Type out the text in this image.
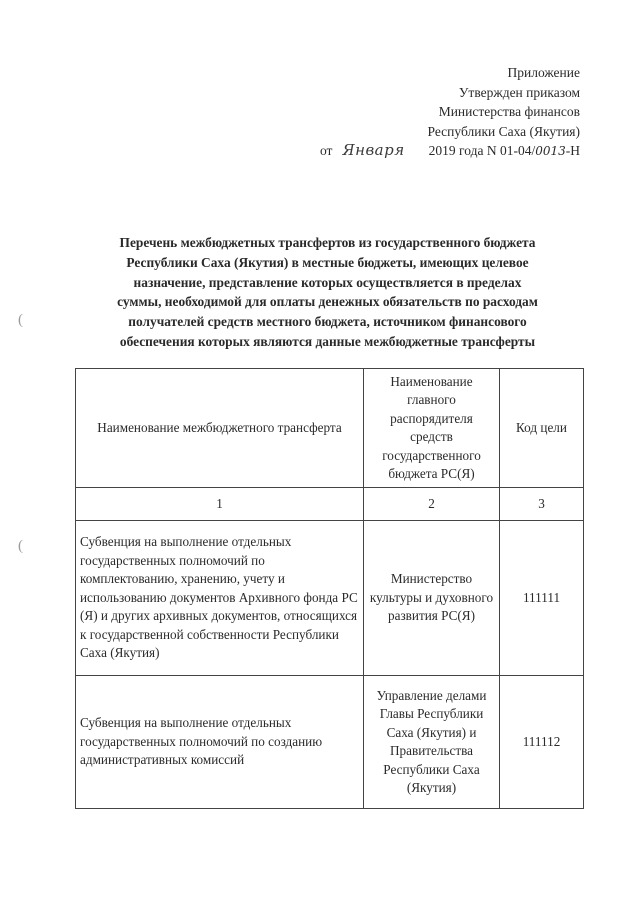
Приложение
Утвержден приказом
Министерства финансов
Республики Саха (Якутия)
от Января 2019 года N 01-04/0013-Н
Перечень межбюджетных трансфертов из государственного бюджета
Республики Саха (Якутия) в местные бюджеты, имеющих целевое
назначение, представление которых осуществляется в пределах
суммы, необходимой для оплаты денежных обязательств по расходам
получателей средств местного бюджета, источником финансового
обеспечения которых являются данные межбюджетные трансферты
(
(
Наименование межбюджетного трансферта	Наименование главного распорядителя средств государственного бюджета РС(Я)	Код цели
1	2	3
Субвенция на выполнение отдельных государственных полномочий по комплектованию, хранению, учету и использованию документов Архивного фонда РС (Я) и других архивных документов, относящихся к государственной собственности Республики Саха (Якутия)	Министерство культуры и духовного развития РС(Я)	111111
Субвенция на выполнение отдельных государственных полномочий по созданию административных комиссий	Управление делами Главы Республики Саха (Якутия) и Правительства Республики Саха (Якутия)	111112
